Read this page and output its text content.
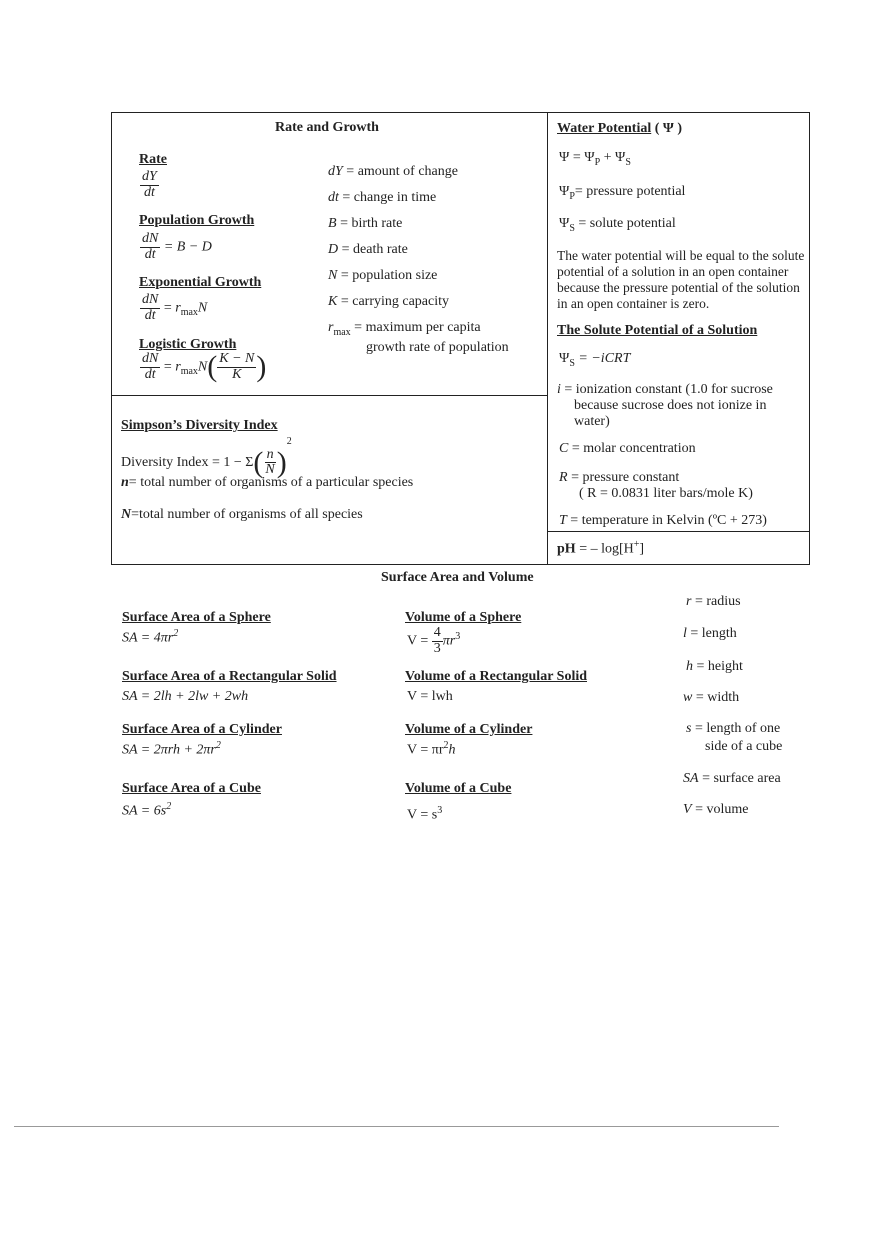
Rate and Growth
Rate
$\frac{dY}{dt}$
Population Growth
$\frac{dN}{dt} = B - D$
Exponential Growth
$\frac{dN}{dt} = r_{max}N$
Logistic Growth
$\frac{dN}{dt} = r_{max}N( \frac{K - N}{K}$ )
dY = amount of change
dt = change in time
B = birth rate
D = death rate
N = population size
K = carrying capacity
$r_{max}$ = maximum per capita
growth rate of population
Simpson’s Diversity Index
Diversity Index = $1 - \Sigma( \frac{n}{N} )^2$
n= total number of organisms of a particular species
N=total number of organisms of all species
Water Potential ( Ψ )
$\Psi = \Psi_P + \Psi_S$
$\Psi_P=$ pressure potential
$\Psi_S$ = solute potential
The water potential will be equal to the solute potential of a solution in an open container because the pressure potential of the solution in an open container is zero.
The Solute Potential of a Solution
$\Psi_S$ = −iCRT
i = ionization constant (1.0 for sucrose
because sucrose does not ionize in
water)
C = molar concentration
R = pressure constant
( R = 0.0831 liter bars/mole K)
T = temperature in Kelvin (ºC + 273)
pH = – log[H+]
Surface Area and Volume
Surface Area of a Sphere
SA = $4\pi r^2$
Surface Area of a Rectangular Solid
SA = 2lh + 2lw + 2wh
Surface Area of a Cylinder
SA = $2\pi rh + 2\pi r^2$
Surface Area of a Cube
SA = $6s^2$
Volume of a Sphere
$V = \frac{4}{3} \pi r^3$
Volume of a Rectangular Solid
V = lwh
Volume of a Cylinder
$V = \pi r^2h$
Volume of a Cube
$V = s^3$
r = radius
l = length
h = height
w = width
s = length of one
side of a cube
SA = surface area
V = volume
